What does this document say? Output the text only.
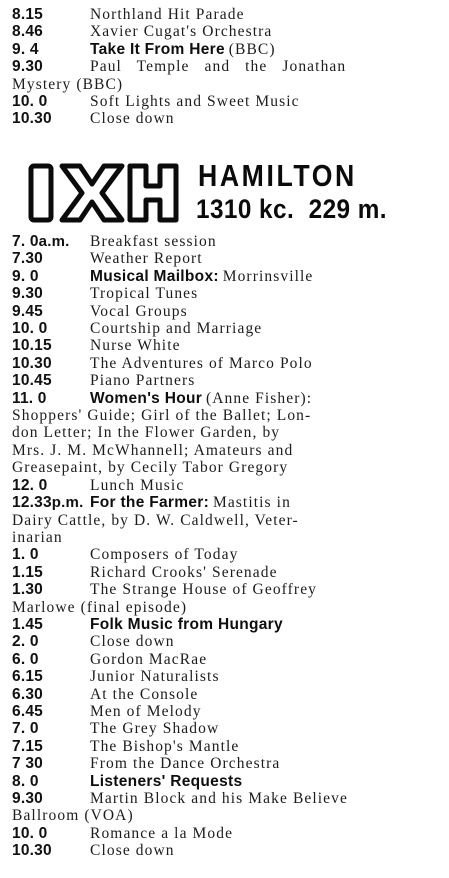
8.15	Northland Hit Parade
8.46	Xavier Cugat's Orchestra
9. 4	Take It From Here (BBC)
9.30	Paul Temple and the Jonathan
Mystery (BBC)
10. 0	Soft Lights and Sweet Music
10.30 Close down
1XH	HAMILTON
1310 kc. 229 m.
7. 0a.m. Breakfast session
7.30	Weather Report
9. 0	Musical Mailbox: Morrinsville
9.30	Tropical Tunes
9.45	Vocal Groups
10. 0	Courtship and Marriage
10.15 Nurse White
10.30 The Adventures of Marco Polo
10.45 Piano Partners
11. 0	Women's Hour (Anne Fisher):
Shoppers' Guide; Girl of the Ballet; Lon-
don Letter; In the Flower Garden, by
Mrs. J. M. McWhannell; Amateurs and
Greasepaint, by Cecily Tabor Gregory
12. 0	Lunch Music
12.33p.m. For the Farmer: Mastitis in
Dairy Cattle, by D. W. Caldwell, Veter-
inarian
1. 0	Composers of Today
1.15	Richard Crooks' Serenade
1.30	The Strange House of Geoffrey
Marlowe (final episode)
1.45	Folk Music from Hungary
2. 0	Close down
6. 0	Gordon MacRae
6.15	Junior Naturalists
6.30	At the Console
6.45	Men of Melody
7. 0	The Grey Shadow
7.15	The Bishop's Mantle
7 30	From the Dance Orchestra
8. 0	Listeners' Requests
9.30	Martin Block and his Make Believe
Ballroom (VOA)
10. 0	Romance a la Mode
10.30 Close down
